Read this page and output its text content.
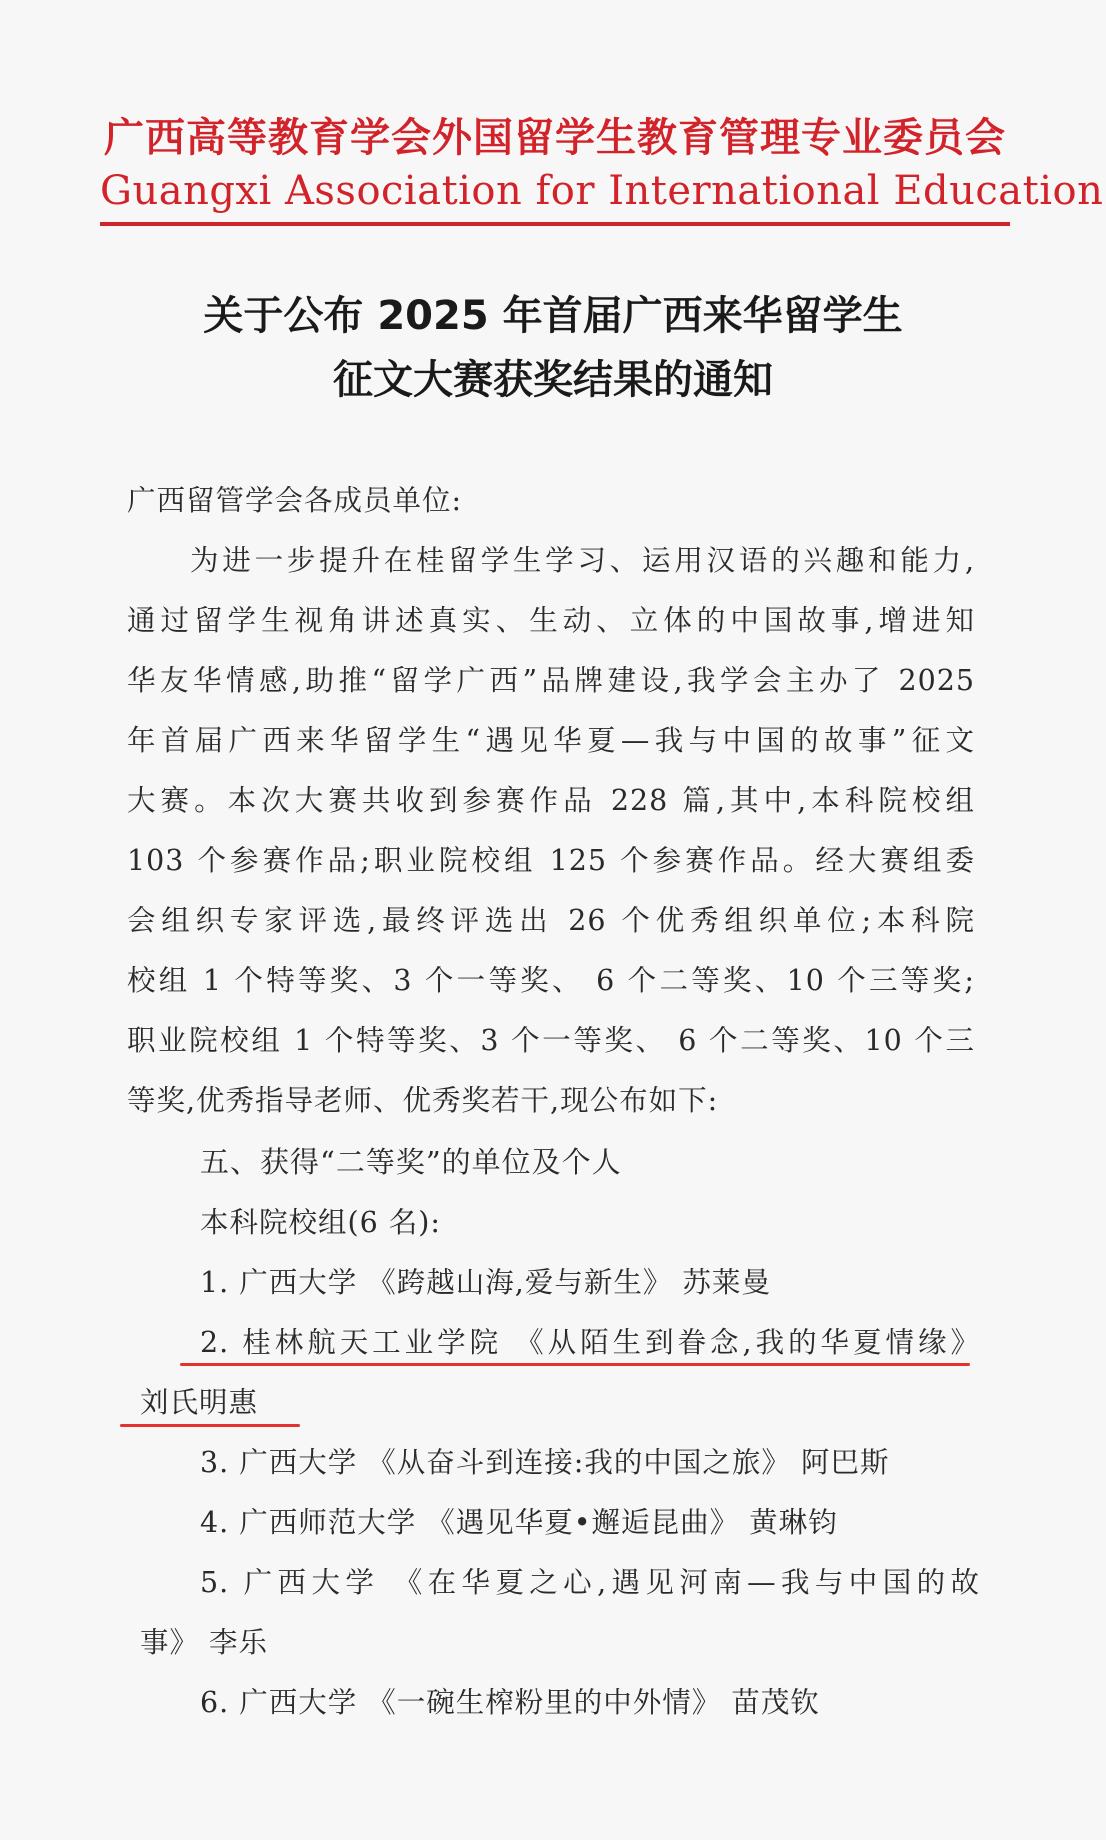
广西高等教育学会外国留学生教育管理专业委员会
Guangxi Association for International Education
关于公布 2025 年首届广西来华留学生
征文大赛获奖结果的通知
广西留管学会各成员单位:
为进一步提升在桂留学生学习、运用汉语的兴趣和能力,
通过留学生视角讲述真实、生动、立体的中国故事,增进知
华友华情感,助推“留学广西”品牌建设,我学会主办了 2025
年首届广西来华留学生“遇见华夏—我与中国的故事”征文
大赛。本次大赛共收到参赛作品 228 篇,其中,本科院校组
103 个参赛作品;职业院校组 125 个参赛作品。经大赛组委
会组织专家评选,最终评选出 26 个优秀组织单位;本科院
校组 1 个特等奖、3 个一等奖、 6 个二等奖、10 个三等奖;
职业院校组 1 个特等奖、3 个一等奖、 6 个二等奖、10 个三
等奖,优秀指导老师、优秀奖若干,现公布如下:
五、获得“二等奖”的单位及个人
本科院校组(6 名):
1. 广西大学 《跨越山海,爱与新生》 苏莱曼
2. 桂林航天工业学院 《从陌生到眷念,我的华夏情缘》
刘氏明惠
3. 广西大学 《从奋斗到连接:我的中国之旅》 阿巴斯
4. 广西师范大学 《遇见华夏•邂逅昆曲》 黄琳钧
5. 广西大学 《在华夏之心,遇见河南—我与中国的故
事》 李乐
6. 广西大学 《一碗生榨粉里的中外情》 苗茂钦
